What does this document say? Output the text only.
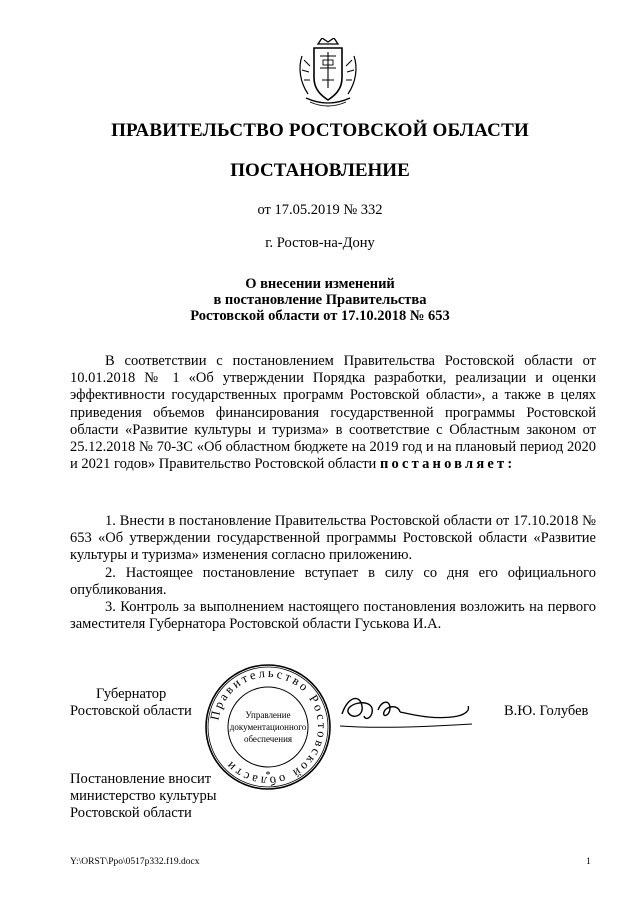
ПРАВИТЕЛЬСТВО РОСТОВСКОЙ ОБЛАСТИ
ПОСТАНОВЛЕНИЕ
от 17.05.2019 № 332
г. Ростов-на-Дону
О внесении изменений
в постановление Правительства
Ростовской области от 17.10.2018 № 653

В соответствии с постановлением Правительства Ростовской области от 10.01.2018 № 1 «Об утверждении Порядка разработки, реализации и оценки эффективности государственных программ Ростовской области», а также в целях приведения объемов финансирования государственной программы Ростовской области «Развитие культуры и туризма» в соответствие с Областным законом от 25.12.2018 № 70-ЗС «Об областном бюджете на 2019 год и на плановый период 2020 и 2021 годов» Правительство Ростовской области постановляет:

1. Внести в постановление Правительства Ростовской области от 17.10.2018 № 653 «Об утверждении государственной программы Ростовской области «Развитие культуры и туризма» изменения согласно приложению.

2. Настоящее постановление вступает в силу со дня его официального опубликования.

3. Контроль за выполнением настоящего постановления возложить на первого заместителя Губернатора Ростовской области Гуськова И.А.

Губернатор
Ростовской области Правительство Ростовской области
Управление
документационного
обеспечения
*
В.Ю. Голубев
Постановление вносит
министерство культуры
Ростовской области
Y:\ORST\Ppo\0517p332.f19.docx	1
